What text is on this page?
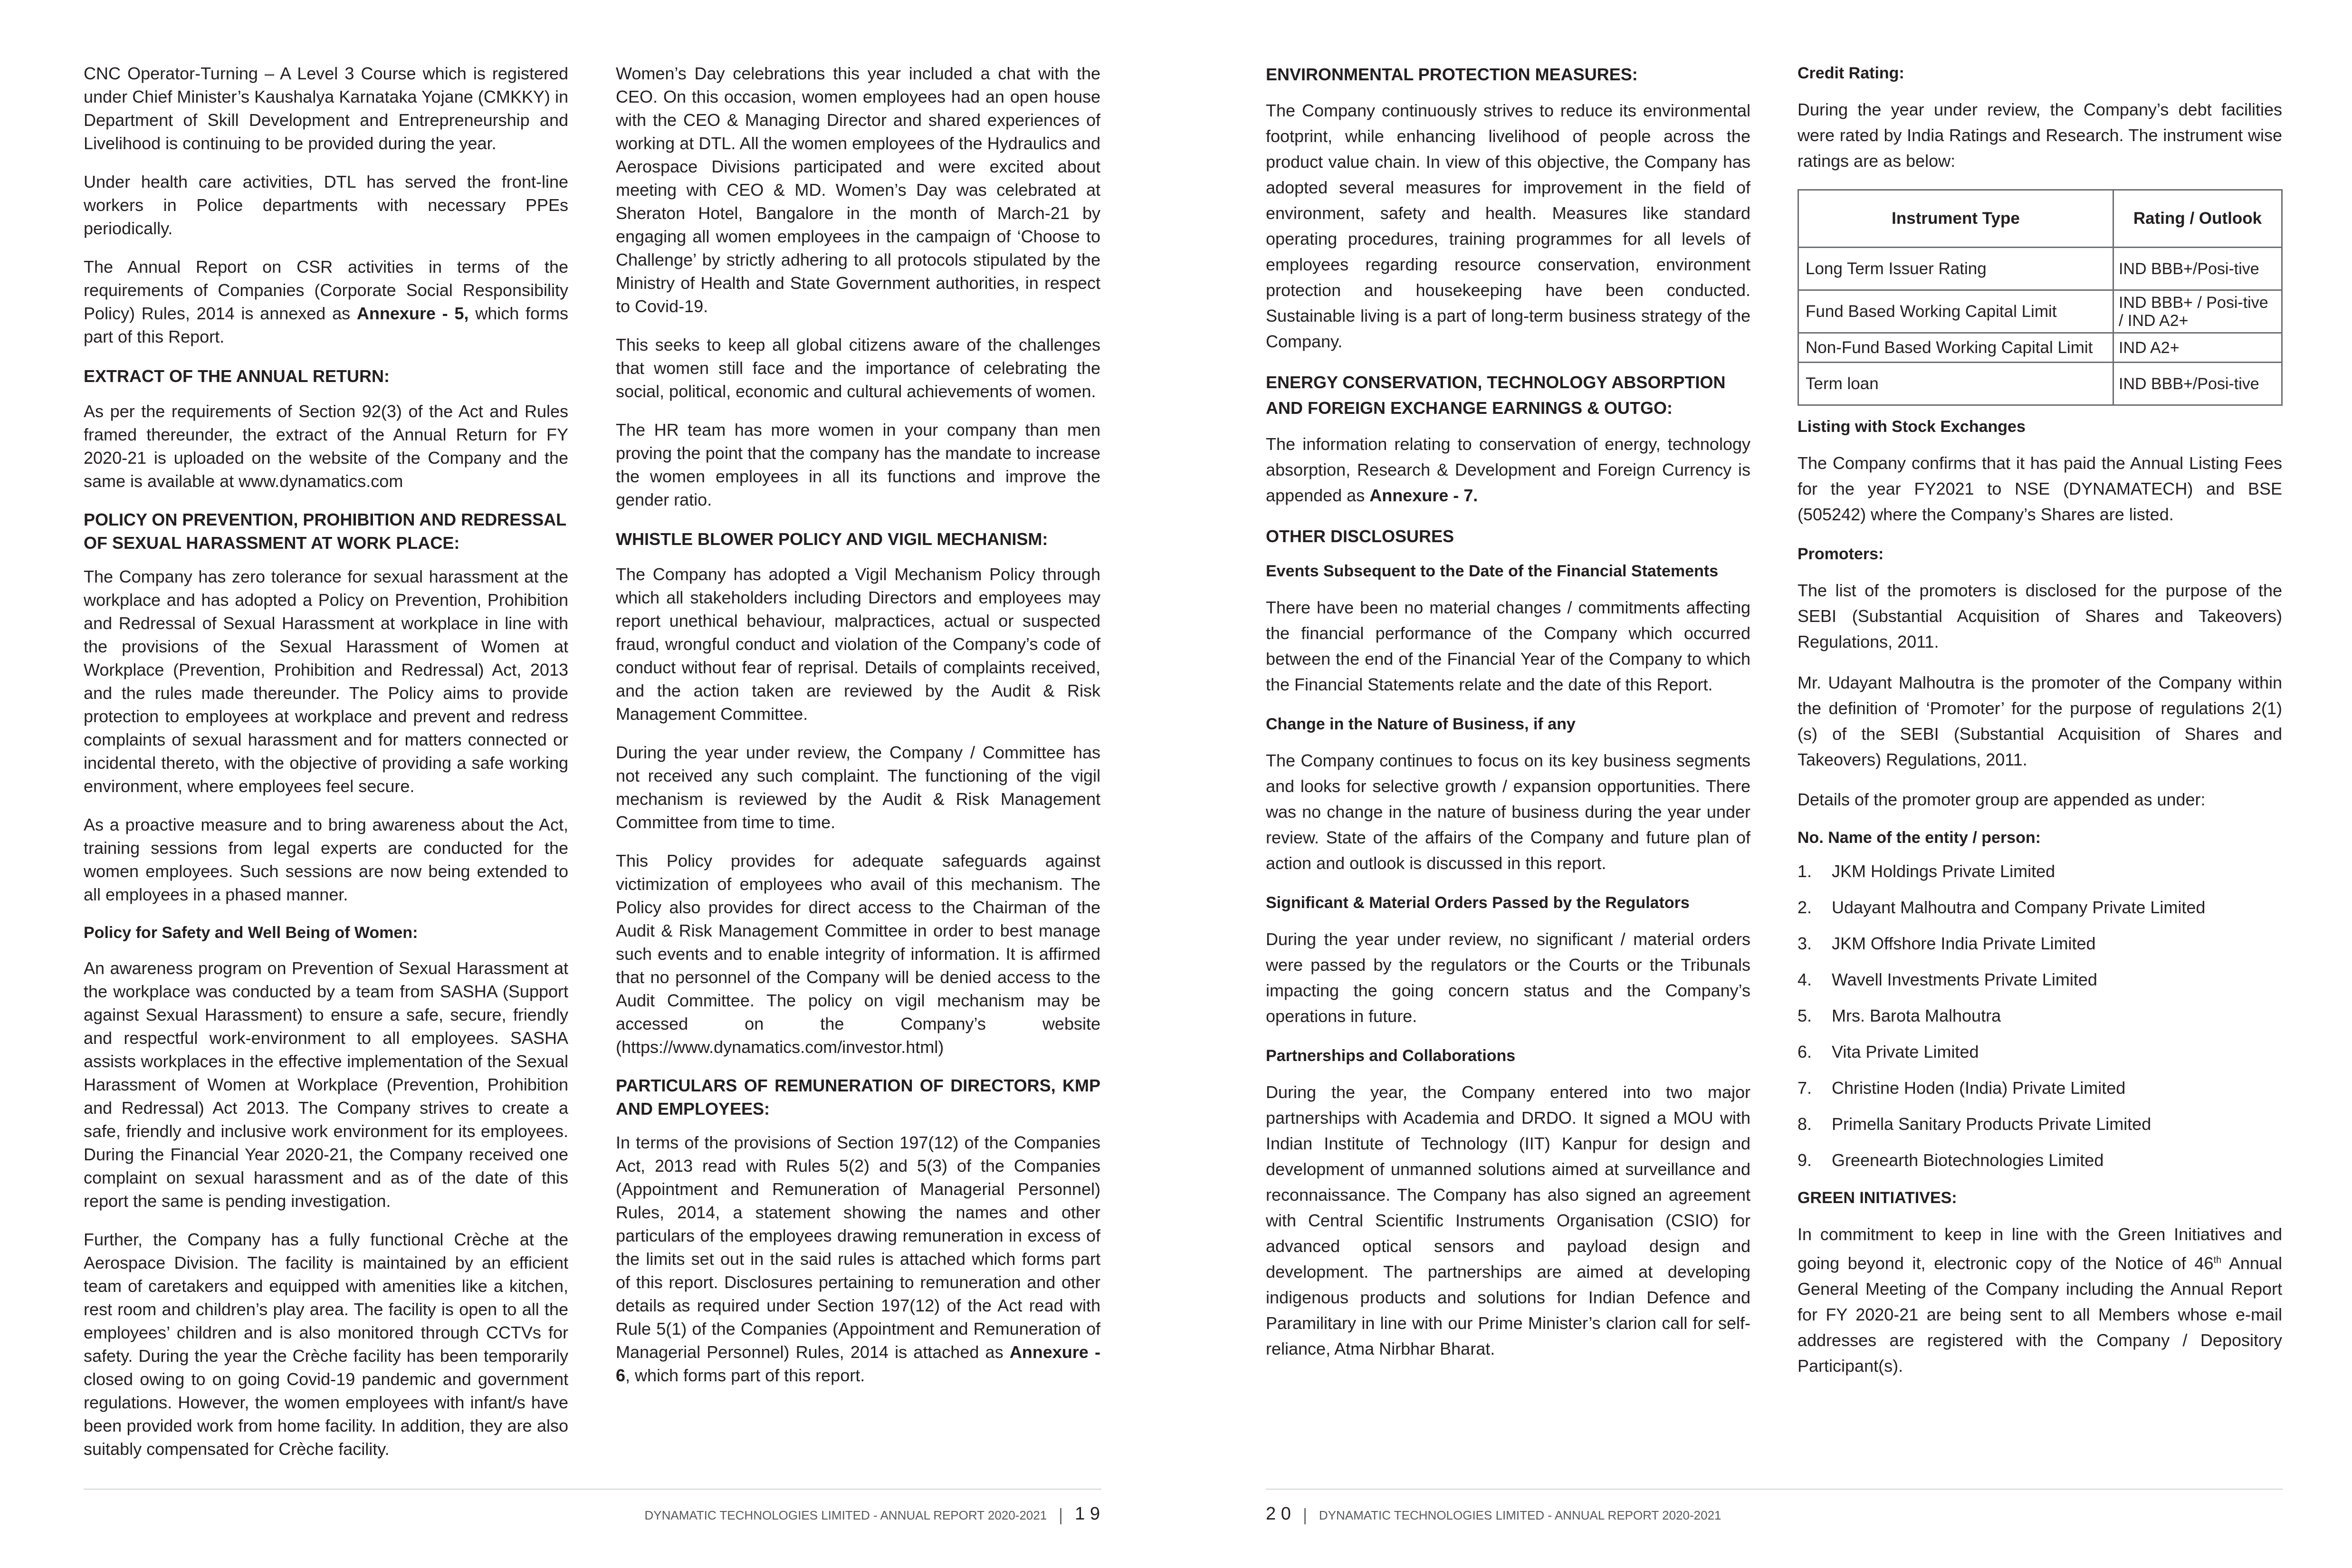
CNC Operator-Turning – A Level 3 Course which is registered under Chief Minister’s Kaushalya Karnataka Yojane (CMKKY) in Department of Skill Development and Entrepreneurship and Livelihood is continuing to be provided during the year.

Under health care activities, DTL has served the front-line workers in Police departments with necessary PPEs periodically.

The Annual Report on CSR activities in terms of the requirements of Companies (Corporate Social Responsibility Policy) Rules, 2014 is annexed as Annexure - 5, which forms part of this Report.

EXTRACT OF THE ANNUAL RETURN:

As per the requirements of Section 92(3) of the Act and Rules framed thereunder, the extract of the Annual Return for FY 2020-21 is uploaded on the website of the Company and the same is available at www.dynamatics.com

POLICY ON PREVENTION, PROHIBITION AND REDRESSAL OF SEXUAL HARASSMENT AT WORK PLACE:

The Company has zero tolerance for sexual harassment at the workplace and has adopted a Policy on Prevention, Prohibition and Redressal of Sexual Harassment at workplace in line with the provisions of the Sexual Harassment of Women at Workplace (Prevention, Prohibition and Redressal) Act, 2013 and the rules made thereunder. The Policy aims to provide protection to employees at workplace and prevent and redress complaints of sexual harassment and for matters connected or incidental thereto, with the objective of providing a safe working environment, where employees feel secure.

As a proactive measure and to bring awareness about the Act, training sessions from legal experts are conducted for the women employees. Such sessions are now being extended to all employees in a phased manner.

Policy for Safety and Well Being of Women:

An awareness program on Prevention of Sexual Harassment at the workplace was conducted by a team from SASHA (Support against Sexual Harassment) to ensure a safe, secure, friendly and respectful work-environment to all employees. SASHA assists workplaces in the effective implementation of the Sexual Harassment of Women at Workplace (Prevention, Prohibition and Redressal) Act 2013. The Company strives to create a safe, friendly and inclusive work environment for its employees. During the Financial Year 2020-21, the Company received one complaint on sexual harassment and as of the date of this report the same is pending investigation.

Further, the Company has a fully functional Crèche at the Aerospace Division. The facility is maintained by an efficient team of caretakers and equipped with amenities like a kitchen, rest room and children’s play area. The facility is open to all the employees’ children and is also monitored through CCTVs for safety. During the year the Crèche facility has been temporarily closed owing to on going Covid-19 pandemic and government regulations. However, the women employees with infant/s have been provided work from home facility. In addition, they are also suitably compensated for Crèche facility.

Women’s Day celebrations this year included a chat with the CEO. On this occasion, women employees had an open house with the CEO & Managing Director and shared experiences of working at DTL. All the women employees of the Hydraulics and Aerospace Divisions participated and were excited about meeting with CEO & MD. Women’s Day was celebrated at Sheraton Hotel, Bangalore in the month of March-21 by engaging all women employees in the campaign of ‘Choose to Challenge’ by strictly adhering to all protocols stipulated by the Ministry of Health and State Government authorities, in respect to Covid-19.

This seeks to keep all global citizens aware of the challenges that women still face and the importance of celebrating the social, political, economic and cultural achievements of women.

The HR team has more women in your company than men proving the point that the company has the mandate to increase the women employees in all its functions and improve the gender ratio.

WHISTLE BLOWER POLICY AND VIGIL MECHANISM:

The Company has adopted a Vigil Mechanism Policy through which all stakeholders including Directors and employees may report unethical behaviour, malpractices, actual or suspected fraud, wrongful conduct and violation of the Company’s code of conduct without fear of reprisal. Details of complaints received, and the action taken are reviewed by the Audit & Risk Management Committee.

During the year under review, the Company / Committee has not received any such complaint. The functioning of the vigil mechanism is reviewed by the Audit & Risk Management Committee from time to time.

This Policy provides for adequate safeguards against victimization of employees who avail of this mechanism. The Policy also provides for direct access to the Chairman of the Audit & Risk Management Committee in order to best manage such events and to enable integrity of information. It is affirmed that no personnel of the Company will be denied access to the Audit Committee. The policy on vigil mechanism may be accessed on the Company’s website (https://www.dynamatics.com/investor.html)

PARTICULARS OF REMUNERATION OF DIRECTORS, KMP AND EMPLOYEES:

In terms of the provisions of Section 197(12) of the Companies Act, 2013 read with Rules 5(2) and 5(3) of the Companies (Appointment and Remuneration of Managerial Personnel) Rules, 2014, a statement showing the names and other particulars of the employees drawing remuneration in excess of the limits set out in the said rules is attached which forms part of this report. Disclosures pertaining to remuneration and other details as required under Section 197(12) of the Act read with Rule 5(1) of the Companies (Appointment and Remuneration of Managerial Personnel) Rules, 2014 is attached as Annexure - 6, which forms part of this report.

ENVIRONMENTAL PROTECTION MEASURES:

The Company continuously strives to reduce its environmental footprint, while enhancing livelihood of people across the product value chain. In view of this objective, the Company has adopted several measures for improvement in the field of environment, safety and health. Measures like standard operating procedures, training programmes for all levels of employees regarding resource conservation, environment protection and housekeeping have been conducted. Sustainable living is a part of long-term business strategy of the Company.

ENERGY CONSERVATION, TECHNOLOGY ABSORPTION AND FOREIGN EXCHANGE EARNINGS & OUTGO:

The information relating to conservation of energy, technology absorption, Research & Development and Foreign Currency is appended as Annexure - 7.

OTHER DISCLOSURES
Events Subsequent to the Date of the Financial Statements

There have been no material changes / commitments affecting the financial performance of the Company which occurred between the end of the Financial Year of the Company to which the Financial Statements relate and the date of this Report.

Change in the Nature of Business, if any

The Company continues to focus on its key business segments and looks for selective growth / expansion opportunities. There was no change in the nature of business during the year under review. State of the affairs of the Company and future plan of action and outlook is discussed in this report.

Significant & Material Orders Passed by the Regulators

During the year under review, no significant / material orders were passed by the regulators or the Courts or the Tribunals impacting the going concern status and the Company’s operations in future.

Partnerships and Collaborations

During the year, the Company entered into two major partnerships with Academia and DRDO. It signed a MOU with Indian Institute of Technology (IIT) Kanpur for design and development of unmanned solutions aimed at surveillance and reconnaissance. The Company has also signed an agreement with Central Scientific Instruments Organisation (CSIO) for advanced optical sensors and payload design and development. The partnerships are aimed at developing indigenous products and solutions for Indian Defence and Paramilitary in line with our Prime Minister’s clarion call for self-reliance, Atma Nirbhar Bharat.

Credit Rating:

During the year under review, the Company’s debt facilities were rated by India Ratings and Research. The instrument wise ratings are as below:

Instrument Type	Rating / Outlook
Long Term Issuer Rating	IND BBB+/Posi-tive
Fund Based Working Capital Limit	IND BBB+ / Posi-tive / IND A2+
Non-Fund Based Working Capital Limit	IND A2+
Term loan	IND BBB+/Posi-tive
Listing with Stock Exchanges

The Company confirms that it has paid the Annual Listing Fees for the year FY2021 to NSE (DYNAMATECH) and BSE (505242) where the Company’s Shares are listed.

Promoters:

The list of the promoters is disclosed for the purpose of the SEBI (Substantial Acquisition of Shares and Takeovers) Regulations, 2011.

Mr. Udayant Malhoutra is the promoter of the Company within the definition of ‘Promoter’ for the purpose of regulations 2(1) (s) of the SEBI (Substantial Acquisition of Shares and Takeovers) Regulations, 2011.

Details of the promoter group are appended as under:

No. Name of the entity / person:
1.	JKM Holdings Private Limited
2.	Udayant Malhoutra and Company Private Limited
3.	JKM Offshore India Private Limited
4.	Wavell Investments Private Limited
5.	Mrs. Barota Malhoutra
6.	Vita Private Limited
7.	Christine Hoden (India) Private Limited
8.	Primella Sanitary Products Private Limited
9.	Greenearth Biotechnologies Limited
GREEN INITIATIVES:

In commitment to keep in line with the Green Initiatives and going beyond it, electronic copy of the Notice of 46th Annual General Meeting of the Company including the Annual Report for FY 2020-21 are being sent to all Members whose e-mail addresses are registered with the Company / Depository Participant(s).

DYNAMATIC TECHNOLOGIES LIMITED - ANNUAL REPORT 2020-2021 1 9	2 0 DYNAMATIC TECHNOLOGIES LIMITED - ANNUAL REPORT 2020-2021
